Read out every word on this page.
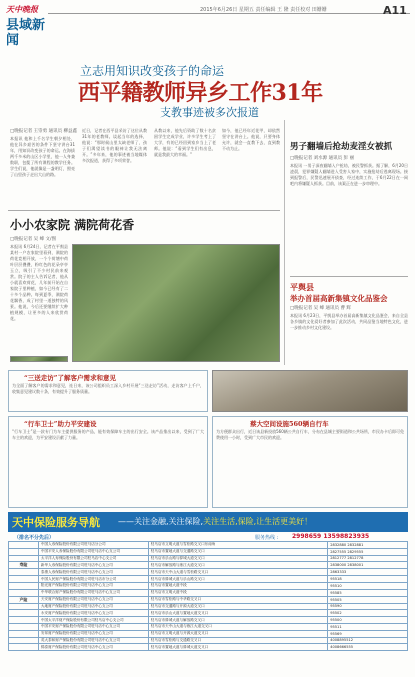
天中晚报
县域新闻
2015年6月26日 星期五 责任编辑 王 隆 责任校对 田姗姗	A11
立志用知识改变孩子的命运
西平籍教师异乡工作31年
支教事迹被多次报道
□晚报记者 王崇勇 通讯员 柳益鑫
本报讯 他和上千名学生朝夕相处，他在异乡艰苦的条件下坚守讲台31年，用知识改变孩子的命运。在海拔两千多米的山区小学里，他一人身兼数职，包揽了所有课程的教学任务。学生们说，他就像是一盏明灯，照亮了山里孩子走出大山的路。
近日，记者在西平县采访了这位从教31年的老教师。谈起当年的选择，他说：“那时候山里太缺老师了，孩子们渴望读书的眼神让我无法离开。”多年来，他的事迹被当地媒体多次报道，获得了多项荣誉。
从教以来，他先后资助了数十名贫困学生完成学业，许多学生考上了大学，有的已经回到家乡当上了老师。他说：“看到学生们有出息，就是我最大的幸福。”
如今，他已经年近花甲，却依然坚守在讲台上。他说，只要身体允许，就会一直教下去，直到教不动为止。
小小农家院 满院荷花香
□晚报记者 吴 峰 文/图
本报讯 6月24日，记者在平舆县某村一户农家院里看到，满院的荷花竞相开放，一个个荷塘中荷叶层层叠叠，粉红色的花朵亭亭玉立，吸引了不少村民前来观赏。院子的主人告诉记者，他从小就喜欢荷花，几年前开始在自家院子里种植，如今已经有了二十多个品种。每到夏季，满院荷花飘香，成了村里一道独特的风景。他说，今后还要继续扩大种植规模，让更多的人来欣赏荷花。
男子翻墙后抢劫麦淫女被抓
□晚报记者 刘水源 通讯员 彭 丽
本报讯 一男子深夜翻墙入户抢劫，被民警抓获。据了解，6月20日凌晨，犯罪嫌疑人翻墙进入受害人家中，实施抢劫后逃离现场。接到报警后，民警迅速展开侦查，经过连续工作，于6月22日在一网吧内将嫌疑人抓获。目前，该案正在进一步审理中。
平舆县
举办首届高新集镇文化品鉴会
□晚报记者 吴 峰 通讯员 曹 辉
本报讯 6月23日，平舆县举办首届高新集镇文化品鉴会，来自全县各乡镇的文化爱好者参加了此次活动，共同品鉴当地特色文化，进一步推动乡村文化建设。
“三送走访”了解客户需求和意见
为全面了解客户的需求和意见，连日来，该公司组织员工深入乡村开展“三送走访”活动，走访客户上千户，收集意见建议数十条，有效提升了服务质量。
“行车卫士”助力平安建设
“行车卫士”是一款专门为车主提供服务的产品，能有效保障车主的出行安全。该产品推出以来，受到了广大车主的欢迎，为平安建设贡献了力量。
蔡大空间设施560辆自行车
为方便群众出行，近日该县新投放560辆公共自行车，分布在县城主要街道和公共场所，市民办卡后即可免费使用一小时，受到广大市民的欢迎。
天中保险服务导航 ——关注金融,关注保险,关注生活,保险,让生活更美好！
（排名不分先后）	服务热线 : 2998659 13598823935
	中国人寿保险股份有限公司驻马店分公司	驻马店市文明大道与雪松路交叉口东南角	2832880 2832881
	中国平安人寿保险股份有限公司驻马店中心支公司	驻马店市置地大道与交通路交叉口	2827555 2829555
	太平洋人寿保险股份有限公司驻马店中心支公司	驻马店市乐山路与驿城大道交叉口	2812777 2812778
寿险	新华人寿保险股份有限公司驻马店中心支公司	驻马店市解放路与练江大道交叉口	2838000 2838001
	泰康人寿保险股份有限公司驻马店中心支公司	驻马店市天中山大道与雪松路交叉口	2863333
	中国人民财产保险股份有限公司驻马店市分公司	驻马店市驿城大道与乐山路交叉口	95518
	阳光财产保险股份有限公司驻马店中心支公司	驻马店市置地大道中段	95510
	中华联合财产保险股份有限公司驻马店中心支公司	驻马店市文明大道中段	95585
产险	天安财产保险股份有限公司驻马店中心支公司	驻马店市雪松路与中华路交叉口	95505
	大地财产保险股份有限公司驻马店中心支公司	驻马店市交通路与开源大道交叉口	95590
	永安财产保险股份有限公司驻马店中心支公司	驻马店市乐山大道与置地大道交叉口	95502
	中国太平洋财产保险股份有限公司驻马店中心支公司	驻马店市驿城大道与解放路交叉口	95500
	中国平安财产保险股份有限公司驻马店中心支公司	驻马店市天中山大道与练江大道交叉口	95511
	安邦财产保险股份有限公司驻马店中心支公司	驻马店市文明大道与开源大道交叉口	95569
	英大泰和财产保险股份有限公司驻马店中心支公司	驻马店市雪松路与交通路交叉口	4008895512
	锦泰财产保险股份有限公司驻马店中心支公司	驻马店市置地大道与驿城大道交叉口	4008666555
